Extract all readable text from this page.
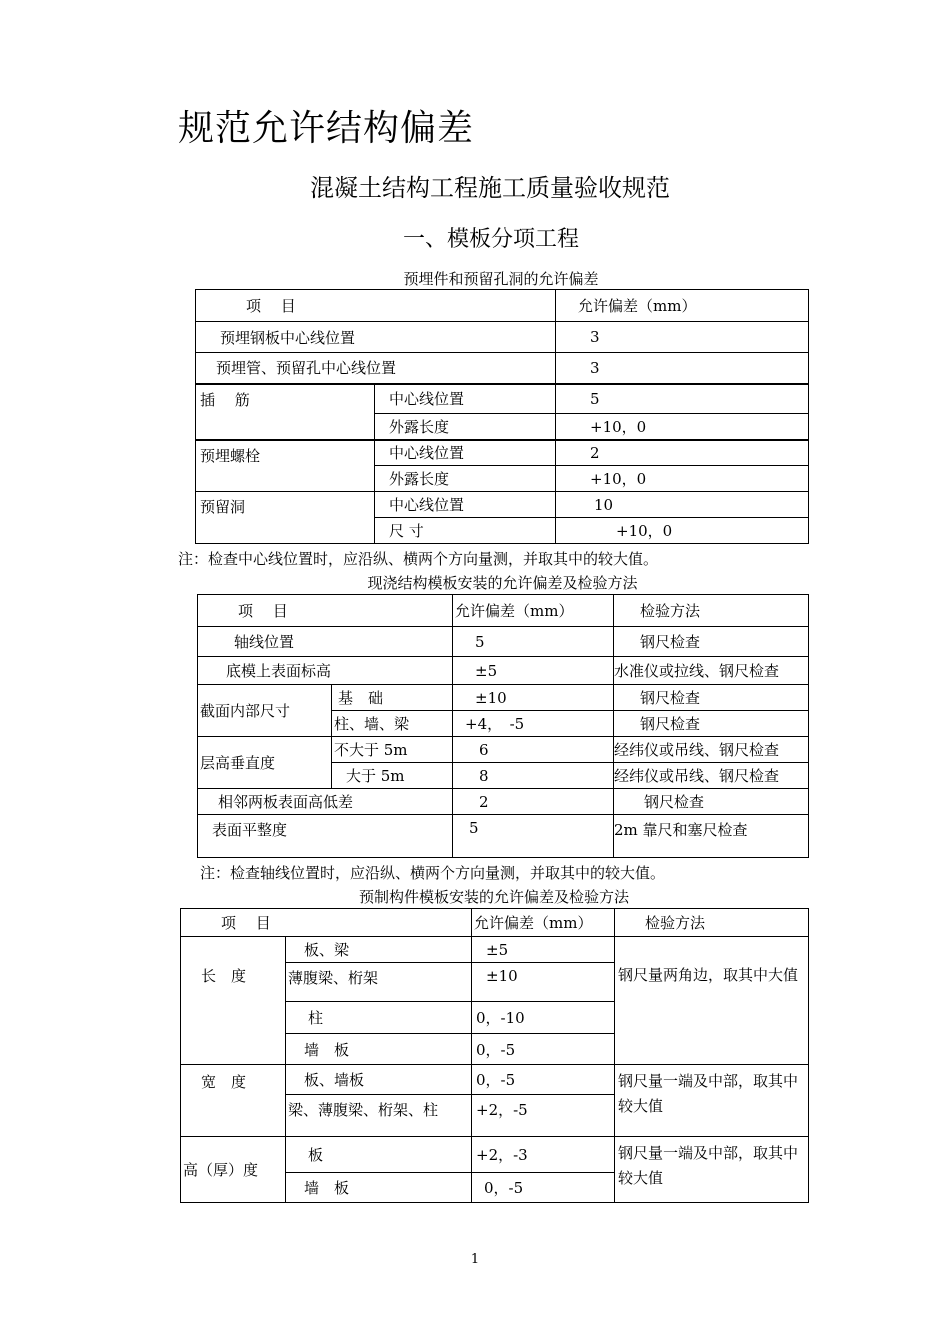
规范允许结构偏差
混凝土结构工程施工质量验收规范
一、模板分项工程
预埋件和预留孔洞的允许偏差
项　 目		允许偏差（mm）
预埋钢板中心线位置		3
预埋管、预留孔中心线位置		3
插　 筋	中心线位置	5
	外露长度	+10，0
预埋螺栓	中心线位置	2
	外露长度	+10，0
预留洞	中心线位置	10
	尺 寸	+10，0
注：检查中心线位置时，应沿纵、横两个方向量测，并取其中的较大值。
现浇结构模板安装的允许偏差及检验方法
项　 目		允许偏差（mm）	检验方法
轴线位置		5	钢尺检查
底模上表面标高		±5	水准仪或拉线、钢尺检查
截面内部尺寸	基　础	±10	钢尺检查
	柱、墙、梁	+4，　-5	钢尺检查
层高垂直度	不大于 5m	6	经纬仪或吊线、钢尺检查
	大于 5m	8	经纬仪或吊线、钢尺检查
相邻两板表面高低差		2	钢尺检查
表面平整度		5	2m 靠尺和塞尺检查
注：检查轴线位置时，应沿纵、横两个方向量测，并取其中的较大值。
预制构件模板安装的允许偏差及检验方法
项　 目		允许偏差（mm）	检验方法
长　度	板、梁	±5	钢尺量两角边，取其中大值
	薄腹梁、桁架	±10	
	柱	0，-10	
	墙　板	0，-5	
宽　度	板、墙板	0，-5	钢尺量一端及中部，取其中较大值
	梁、薄腹梁、桁架、柱	+2，-5	
高（厚）度	板	+2，-3	钢尺量一端及中部，取其中较大值
	墙　板	0，-5	
1
